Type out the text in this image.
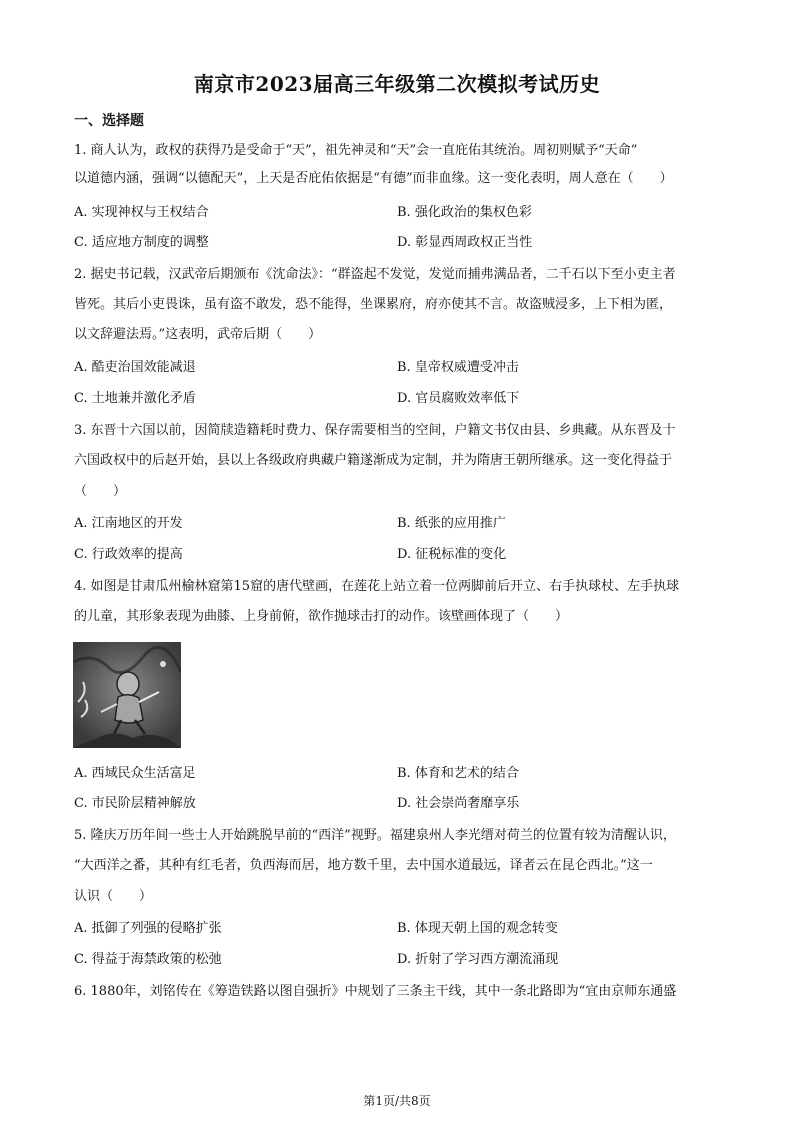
南京市2023届高三年级第二次模拟考试历史
一、选择题
1. 商人认为，政权的获得乃是受命于“天”，祖先神灵和“天”会一直庇佑其统治。周初则赋予“天命”
以道德内涵，强调“以德配天”，上天是否庇佑依据是“有德”而非血缘。这一变化表明，周人意在（　　）
A. 实现神权与王权结合	B. 强化政治的集权色彩
C. 适应地方制度的调整	D. 彰显西周政权正当性
2. 据史书记载，汉武帝后期颁布《沈命法》：“群盗起不发觉，发觉而捕弗满品者，二千石以下至小吏主者
皆死。其后小吏畏诛，虽有盗不敢发，恐不能得，坐课累府，府亦使其不言。故盗贼浸多，上下相为匿，
以文辞避法焉。”这表明，武帝后期（　　）
A. 酷吏治国效能减退	B. 皇帝权威遭受冲击
C. 土地兼并激化矛盾	D. 官员腐败效率低下
3. 东晋十六国以前，因简牍造籍耗时费力、保存需要相当的空间，户籍文书仅由县、乡典藏。从东晋及十
六国政权中的后赵开始，县以上各级政府典藏户籍遂渐成为定制，并为隋唐王朝所继承。这一变化得益于
（　　）
A. 江南地区的开发	B. 纸张的应用推广
C. 行政效率的提高	D. 征税标准的变化
4. 如图是甘肃瓜州榆林窟第15窟的唐代壁画，在莲花上站立着一位两脚前后开立、右手执球杖、左手执球
的儿童，其形象表现为曲膝、上身前俯，欲作抛球击打的动作。该壁画体现了（　　）
A. 西域民众生活富足	B. 体育和艺术的结合
C. 市民阶层精神解放	D. 社会崇尚奢靡享乐
5. 隆庆万历年间一些士人开始跳脱早前的“西洋”视野。福建泉州人李光缙对荷兰的位置有较为清醒认识，
“大西洋之番，其种有红毛者，负西海而居，地方数千里，去中国水道最远，译者云在昆仑西北。”这一
认识（　　）
A. 抵御了列强的侵略扩张	B. 体现天朝上国的观念转变
C. 得益于海禁政策的松弛	D. 折射了学习西方潮流涌现
6. 1880年，刘铭传在《筹造铁路以图自强折》中规划了三条主干线，其中一条北路即为“宜由京师东通盛
第1页/共8页
